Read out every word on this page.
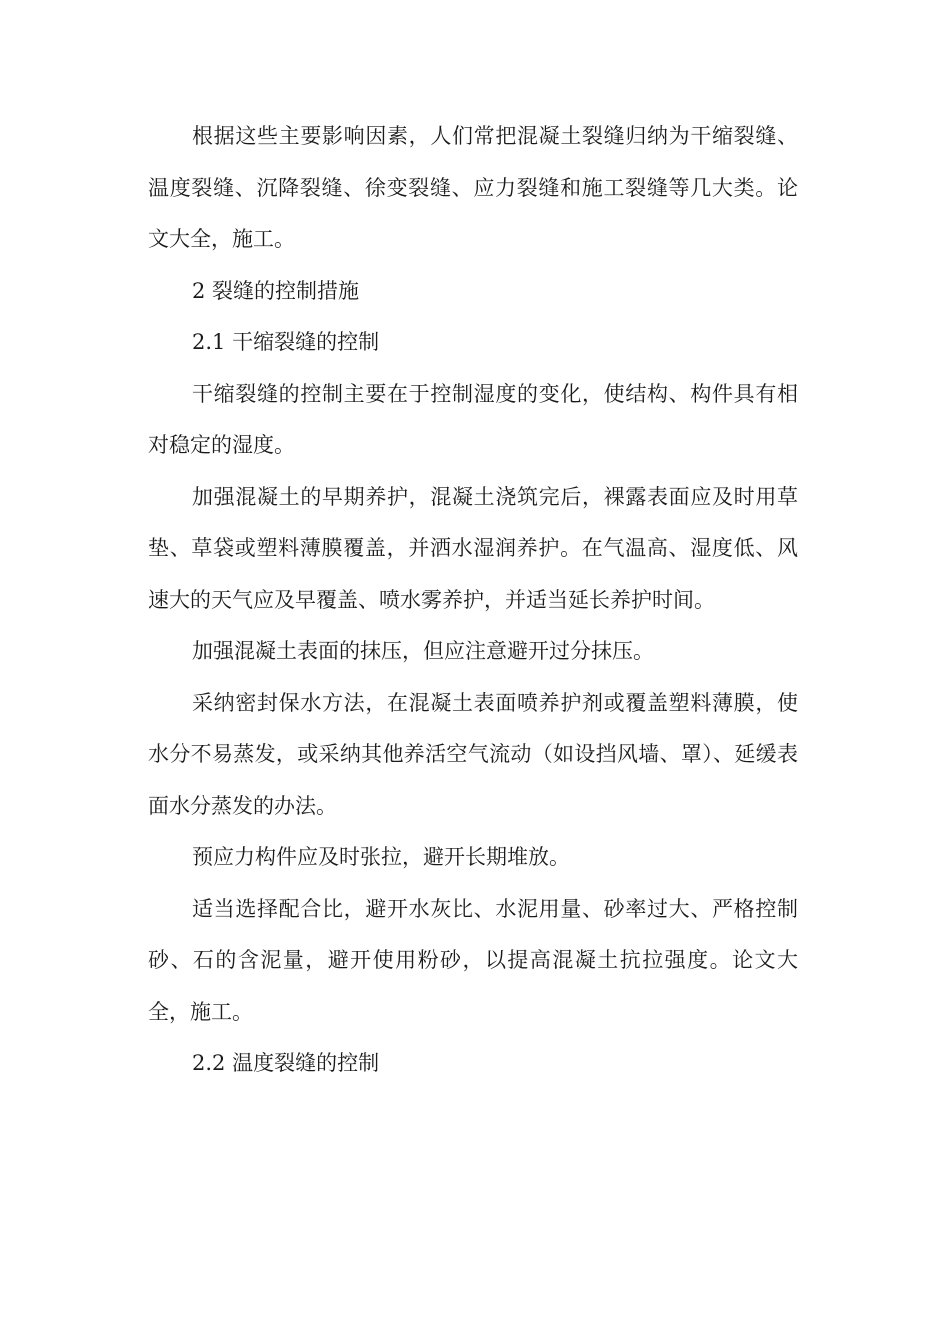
根据这些主要影响因素，人们常把混凝土裂缝归纳为干缩裂缝、温度裂缝、沉降裂缝、徐变裂缝、应力裂缝和施工裂缝等几大类。论文大全，施工。

2 裂缝的控制措施

2.1 干缩裂缝的控制

干缩裂缝的控制主要在于控制湿度的变化，使结构、构件具有相对稳定的湿度。

加强混凝土的早期养护，混凝土浇筑完后，裸露表面应及时用草垫、草袋或塑料薄膜覆盖，并洒水湿润养护。在气温高、湿度低、风速大的天气应及早覆盖、喷水雾养护，并适当延长养护时间。

加强混凝土表面的抹压，但应注意避开过分抹压。

采纳密封保水方法，在混凝土表面喷养护剂或覆盖塑料薄膜，使水分不易蒸发，或采纳其他养活空气流动（如设挡风墙、罩）、延缓表面水分蒸发的办法。

预应力构件应及时张拉，避开长期堆放。

适当选择配合比，避开水灰比、水泥用量、砂率过大、严格控制砂、石的含泥量，避开使用粉砂，以提高混凝土抗拉强度。论文大全，施工。

2.2 温度裂缝的控制
